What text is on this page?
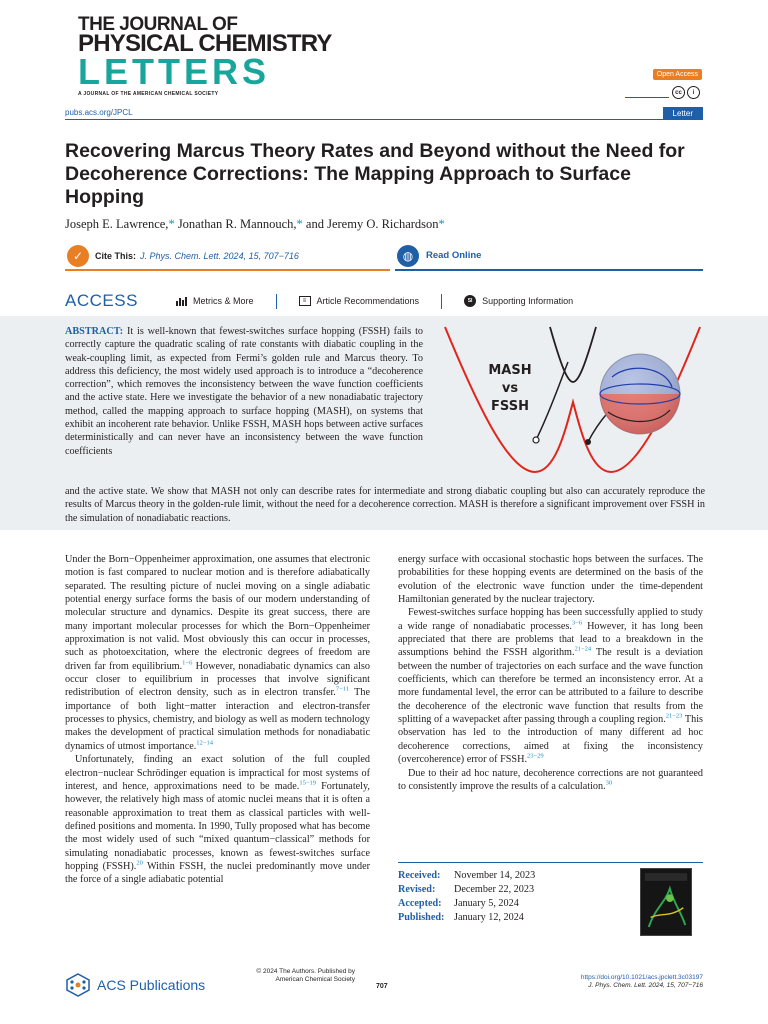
THE JOURNAL OF
PHYSICAL CHEMISTRY
LETTERS
A JOURNAL OF THE AMERICAN CHEMICAL SOCIETY
Open Access
cc	i
pubs.acs.org/JPCL	Letter
Recovering Marcus Theory Rates and Beyond without the Need for Decoherence Corrections: The Mapping Approach to Surface Hopping
Joseph E. Lawrence,* Jonathan R. Mannouch,* and Jeremy O. Richardson*
✓	Cite This: J. Phys. Chem. Lett. 2024, 15, 707−716	◍	Read Online
ACCESS	Metrics & More	≡	Article Recommendations	SI	Supporting Information
ABSTRACT: It is well-known that fewest-switches surface hopping (FSSH) fails to correctly capture the quadratic scaling of rate constants with diabatic coupling in the weak-coupling limit, as expected from Fermi’s golden rule and Marcus theory. To address this deficiency, the most widely used approach is to introduce a “decoherence correction”, which removes the inconsistency between the wave function coefficients and the active state. Here we investigate the behavior of a new nonadiabatic trajectory method, called the mapping approach to surface hopping (MASH), on systems that exhibit an incoherent rate behavior. Unlike FSSH, MASH hops between active surfaces deterministically and can never have an inconsistency between the wave function coefficients
and the active state. We show that MASH not only can describe rates for intermediate and strong diabatic coupling but also can accurately reproduce the results of Marcus theory in the golden-rule limit, without the need for a decoherence correction. MASH is therefore a significant improvement over FSSH in the simulation of nonadiabatic reactions.
MASH
vs
FSSH

Under the Born−Oppenheimer approximation, one assumes that electronic motion is fast compared to nuclear motion and is therefore adiabatically separated. The resulting picture of nuclei moving on a single adiabatic potential energy surface forms the basis of our modern understanding of molecular structure and dynamics. Despite its great success, there are many important molecular processes for which the Born−Oppenheimer approximation is not valid. Most obviously this can occur in processes, such as photoexcitation, where the electronic degrees of freedom are driven far from equilibrium.$^{1-6}$ However, nonadiabatic dynamics can also occur closer to equilibrium in processes that involve significant redistribution of electron density, such as in electron transfer.$^{7-11}$ The importance of both light−matter interaction and electron-transfer processes to physics, chemistry, and biology as well as modern technology makes the development of practical simulation methods for nonadiabatic dynamics of utmost importance.$^{12-14}$

Unfortunately, finding an exact solution of the full coupled electron−nuclear Schrödinger equation is impractical for most systems of interest, and hence, approximations need to be made.$^{15-19}$ Fortunately, however, the relatively high mass of atomic nuclei means that it is often a reasonable approximation to treat them as classical particles with well-defined positions and momenta. In 1990, Tully proposed what has become the most widely used of such “mixed quantum−classical” methods for simulating nonadiabatic processes, known as fewest-switches surface hopping (FSSH).$^{20}$ Within FSSH, the nuclei predominantly move under the force of a single adiabatic potential

energy surface with occasional stochastic hops between the surfaces. The probabilities for these hopping events are determined on the basis of the evolution of the electronic wave function under the time-dependent Hamiltonian generated by the nuclear trajectory.

Fewest-switches surface hopping has been successfully applied to study a wide range of nonadiabatic processes.$^{3-6}$ However, it has long been appreciated that there are problems that lead to a breakdown in the assumptions behind the FSSH algorithm.$^{21-24}$ The result is a deviation between the number of trajectories on each surface and the wave function coefficients, which can therefore be termed an inconsistency error. At a more fundamental level, the error can be attributed to a failure to describe the decoherence of the electronic wave function that results from the splitting of a wavepacket after passing through a coupling region.$^{21-23}$ This observation has led to the introduction of many different ad hoc decoherence corrections, aimed at fixing the inconsistency (overcoherence) error of FSSH.$^{23-29}$

Due to their ad hoc nature, decoherence corrections are not guaranteed to consistently improve the results of a calculation.$^{30}$

Received:	November 14, 2023
Revised:	December 22, 2023
Accepted:	January 5, 2024
Published: January 12, 2024
ACS Publications
© 2024 The Authors. Published by American Chemical Society
707
https://doi.org/10.1021/acs.jpclett.3c03197
J. Phys. Chem. Lett. 2024, 15, 707−716
